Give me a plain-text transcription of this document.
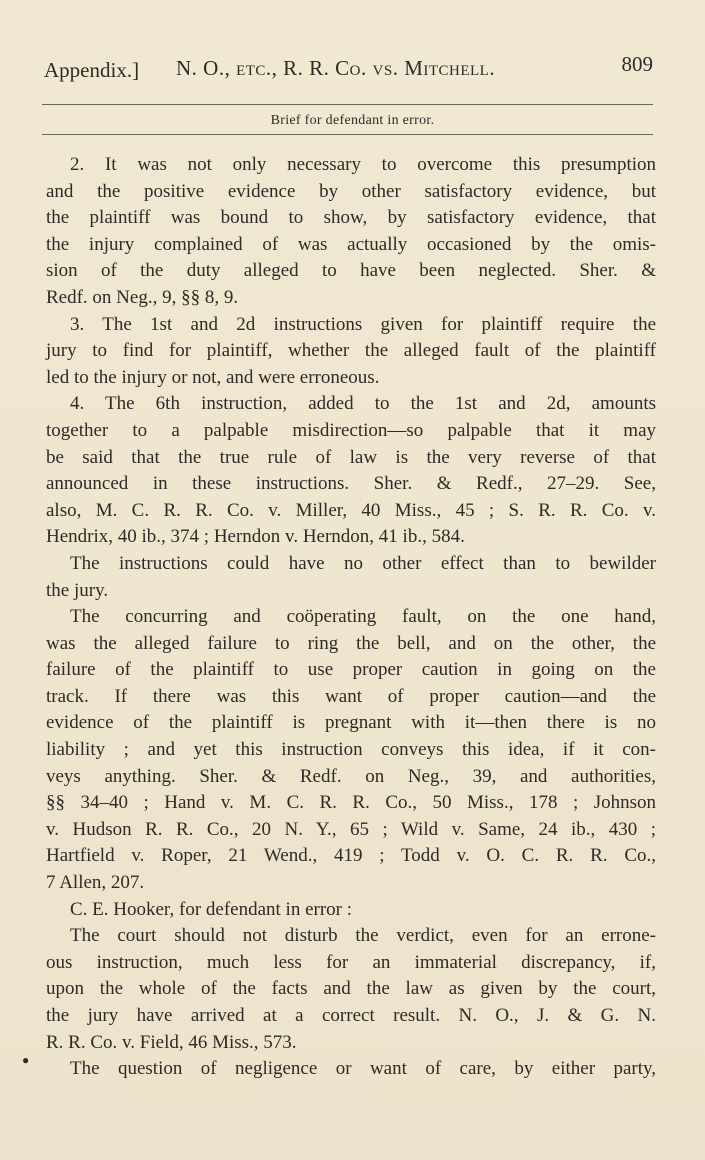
Appendix.] N. O., etc., R. R. Co. vs. Mitchell.	809
Brief for defendant in error.
2. It was not only necessary to overcome this presumption
and the positive evidence by other satisfactory evidence, but
the plaintiff was bound to show, by satisfactory evidence, that
the injury complained of was actually occasioned by the omis-
sion of the duty alleged to have been neglected. Sher. &
Redf. on Neg., 9, §§ 8, 9.
3. The 1st and 2d instructions given for plaintiff require the
jury to find for plaintiff, whether the alleged fault of the plaintiff
led to the injury or not, and were erroneous.
4. The 6th instruction, added to the 1st and 2d, amounts
together to a palpable misdirection—so palpable that it may
be said that the true rule of law is the very reverse of that
announced in these instructions. Sher. & Redf., 27–29. See,
also, M. C. R. R. Co. v. Miller, 40 Miss., 45 ; S. R. R. Co. v.
Hendrix, 40 ib., 374 ; Herndon v. Herndon, 41 ib., 584.
The instructions could have no other effect than to bewilder
the jury.
The concurring and coöperating fault, on the one hand,
was the alleged failure to ring the bell, and on the other, the
failure of the plaintiff to use proper caution in going on the
track. If there was this want of proper caution—and the
evidence of the plaintiff is pregnant with it—then there is no
liability ; and yet this instruction conveys this idea, if it con-
veys anything. Sher. & Redf. on Neg., 39, and authorities,
§§ 34–40 ; Hand v. M. C. R. R. Co., 50 Miss., 178 ; Johnson
v. Hudson R. R. Co., 20 N. Y., 65 ; Wild v. Same, 24 ib., 430 ;
Hartfield v. Roper, 21 Wend., 419 ; Todd v. O. C. R. R. Co.,
7 Allen, 207.
C. E. Hooker, for defendant in error :
The court should not disturb the verdict, even for an errone-
ous instruction, much less for an immaterial discrepancy, if,
upon the whole of the facts and the law as given by the court,
the jury have arrived at a correct result. N. O., J. & G. N.
R. R. Co. v. Field, 46 Miss., 573.
The question of negligence or want of care, by either party,
●
